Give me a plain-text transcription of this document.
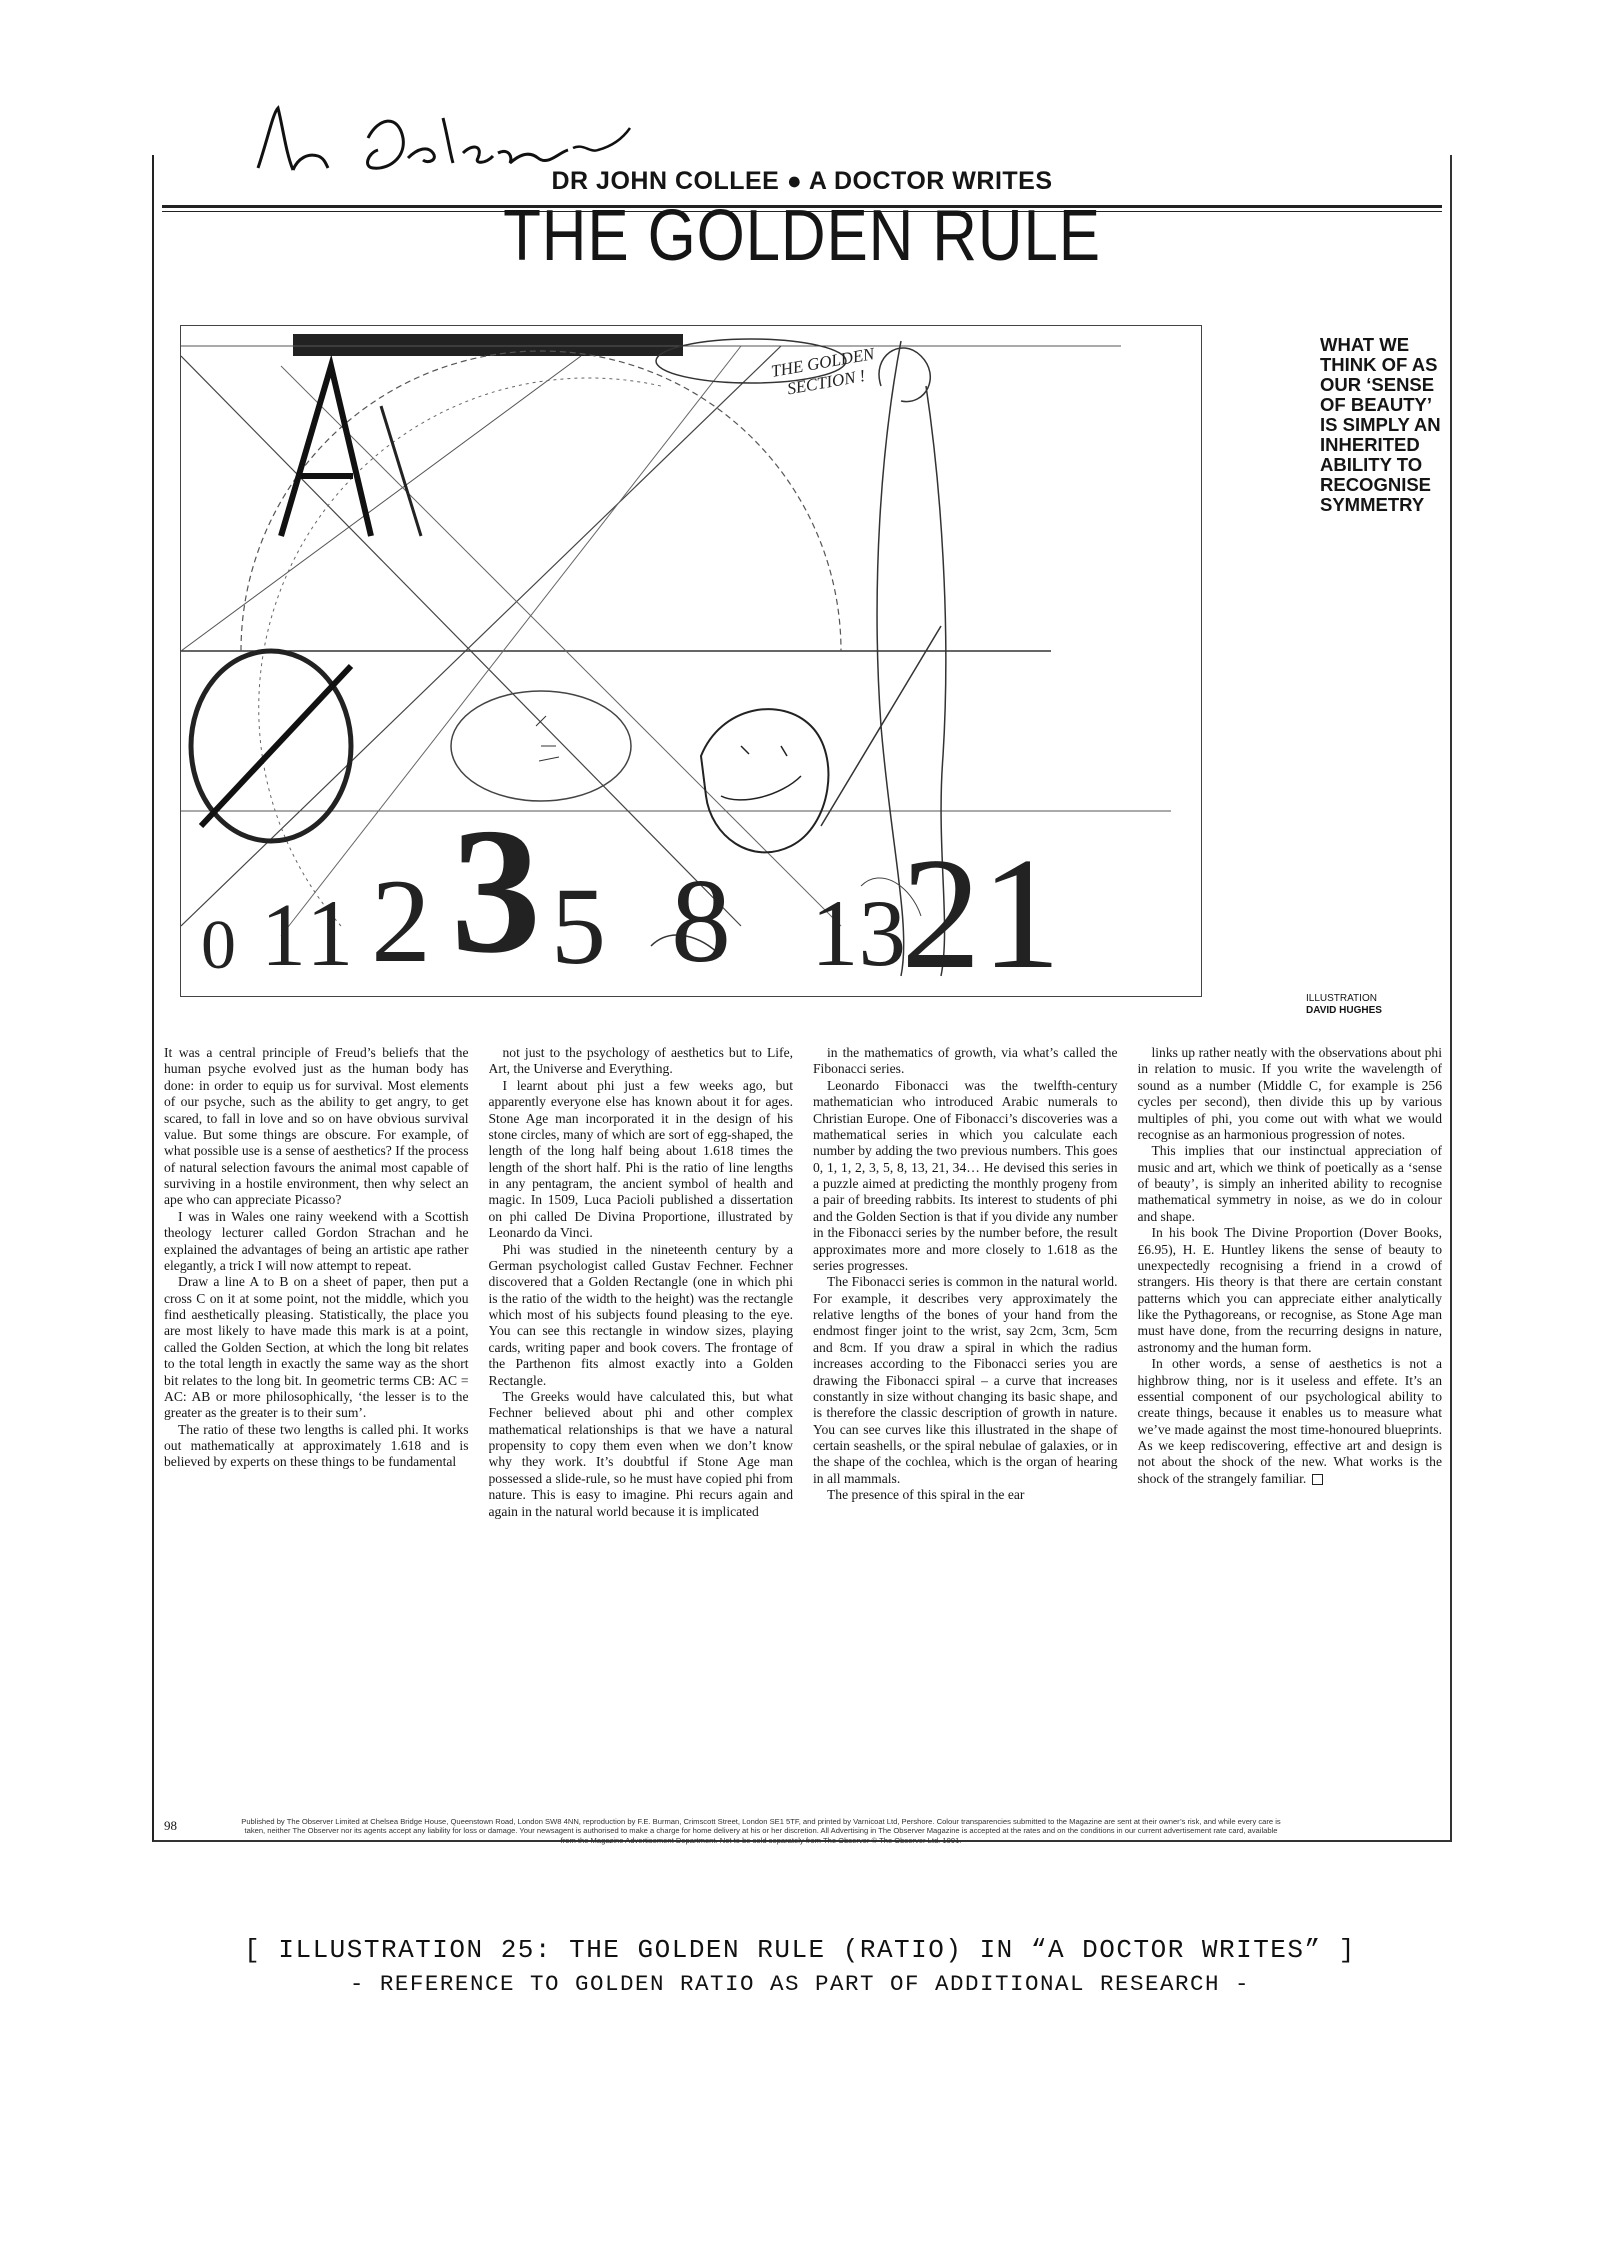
DR JOHN COLLEE ● A DOCTOR WRITES
THE GOLDEN RULE
THE GOLDEN SECTION !
0 1 1 2 3 5 8 13
21
WHAT WE THINK OF AS OUR ‘SENSE OF BEAUTY’ IS SIMPLY AN INHERITED ABILITY TO RECOGNISE SYMMETRY
ILLUSTRATION
DAVID HUGHES

It was a central principle of Freud’s beliefs that the human psyche evolved just as the human body has done: in order to equip us for survival. Most elements of our psyche, such as the ability to get angry, to get scared, to fall in love and so on have obvious survival value. But some things are obscure. For example, of what possible use is a sense of aesthetics? If the process of natural selection favours the animal most capable of surviving in a hostile environment, then why select an ape who can appreciate Picasso?

I was in Wales one rainy weekend with a Scottish theology lecturer called Gordon Strachan and he explained the advantages of being an artistic ape rather elegantly, a trick I will now attempt to repeat.

Draw a line A to B on a sheet of paper, then put a cross C on it at some point, not the middle, which you find aesthetically pleasing. Statistically, the place you are most likely to have made this mark is at a point, called the Golden Section, at which the long bit relates to the total length in exactly the same way as the short bit relates to the long bit. In geometric terms CB: AC = AC: AB or more philosophically, ‘the lesser is to the greater as the greater is to their sum’.

The ratio of these two lengths is called phi. It works out mathematically at approximately 1.618 and is believed by experts on these things to be fundamental

not just to the psychology of aesthetics but to Life, Art, the Universe and Everything.

I learnt about phi just a few weeks ago, but apparently everyone else has known about it for ages. Stone Age man incorporated it in the design of his stone circles, many of which are sort of egg-shaped, the length of the long half being about 1.618 times the length of the short half. Phi is the ratio of line lengths in any pentagram, the ancient symbol of health and magic. In 1509, Luca Pacioli published a dissertation on phi called De Divina Proportione, illustrated by Leonardo da Vinci.

Phi was studied in the nineteenth century by a German psychologist called Gustav Fechner. Fechner discovered that a Golden Rectangle (one in which phi is the ratio of the width to the height) was the rectangle which most of his subjects found pleasing to the eye. You can see this rectangle in window sizes, playing cards, writing paper and book covers. The frontage of the Parthenon fits almost exactly into a Golden Rectangle.

The Greeks would have calculated this, but what Fechner believed about phi and other complex mathematical relationships is that we have a natural propensity to copy them even when we don’t know why they work. It’s doubtful if Stone Age man possessed a slide-rule, so he must have copied phi from nature. This is easy to imagine. Phi recurs again and again in the natural world because it is implicated

in the mathematics of growth, via what’s called the Fibonacci series.

Leonardo Fibonacci was the twelfth-century mathematician who introduced Arabic numerals to Christian Europe. One of Fibonacci’s discoveries was a mathematical series in which you calculate each number by adding the two previous numbers. This goes 0, 1, 1, 2, 3, 5, 8, 13, 21, 34… He devised this series in a puzzle aimed at predicting the monthly progeny from a pair of breeding rabbits. Its interest to students of phi and the Golden Section is that if you divide any number in the Fibonacci series by the number before, the result approximates more and more closely to 1.618 as the series progresses.

The Fibonacci series is common in the natural world. For example, it describes very approximately the relative lengths of the bones of your hand from the endmost finger joint to the wrist, say 2cm, 3cm, 5cm and 8cm. If you draw a spiral in which the radius increases according to the Fibonacci series you are drawing the Fibonacci spiral – a curve that increases constantly in size without changing its basic shape, and is therefore the classic description of growth in nature. You can see curves like this illustrated in the shape of certain seashells, or the spiral nebulae of galaxies, or in the shape of the cochlea, which is the organ of hearing in all mammals.

The presence of this spiral in the ear

links up rather neatly with the observations about phi in relation to music. If you write the wavelength of sound as a number (Middle C, for example is 256 cycles per second), then divide this up by various multiples of phi, you come out with what we would recognise as an harmonious progression of notes.

This implies that our instinctual appreciation of music and art, which we think of poetically as a ‘sense of beauty’, is simply an inherited ability to recognise mathematical symmetry in noise, as we do in colour and shape.

In his book The Divine Proportion (Dover Books, £6.95), H. E. Huntley likens the sense of beauty to unexpectedly recognising a friend in a crowd of strangers. His theory is that there are certain constant patterns which you can appreciate either analytically like the Pythagoreans, or recognise, as Stone Age man must have done, from the recurring designs in nature, astronomy and the human form.

In other words, a sense of aesthetics is not a highbrow thing, nor is it useless and effete. It’s an essential component of our psychological ability to create things, because it enables us to measure what we’ve made against the most time-honoured blueprints. As we keep rediscovering, effective art and design is not about the shock of the new. What works is the shock of the strangely familiar.

98	Published by The Observer Limited at Chelsea Bridge House, Queenstown Road, London SW8 4NN, reproduction by F.E. Burman, Crimscott Street, London SE1 5TF, and printed by Varnicoat Ltd, Pershore. Colour transparencies submitted to the Magazine are sent at their owner’s risk, and while every care is taken, neither The Observer nor its agents accept any liability for loss or damage. Your newsagent is authorised to make a charge for home delivery at his or her discretion. All Advertising in The Observer Magazine is accepted at the rates and on the conditions in our current advertisement rate card, available from the Magazine Advertisement Department. Not to be sold separately from The Observer © The Observer Ltd. 1991.
[ ILLUSTRATION 25: THE GOLDEN RULE (RATIO) IN “A DOCTOR WRITES” ]
- REFERENCE TO GOLDEN RATIO AS PART OF ADDITIONAL RESEARCH -
